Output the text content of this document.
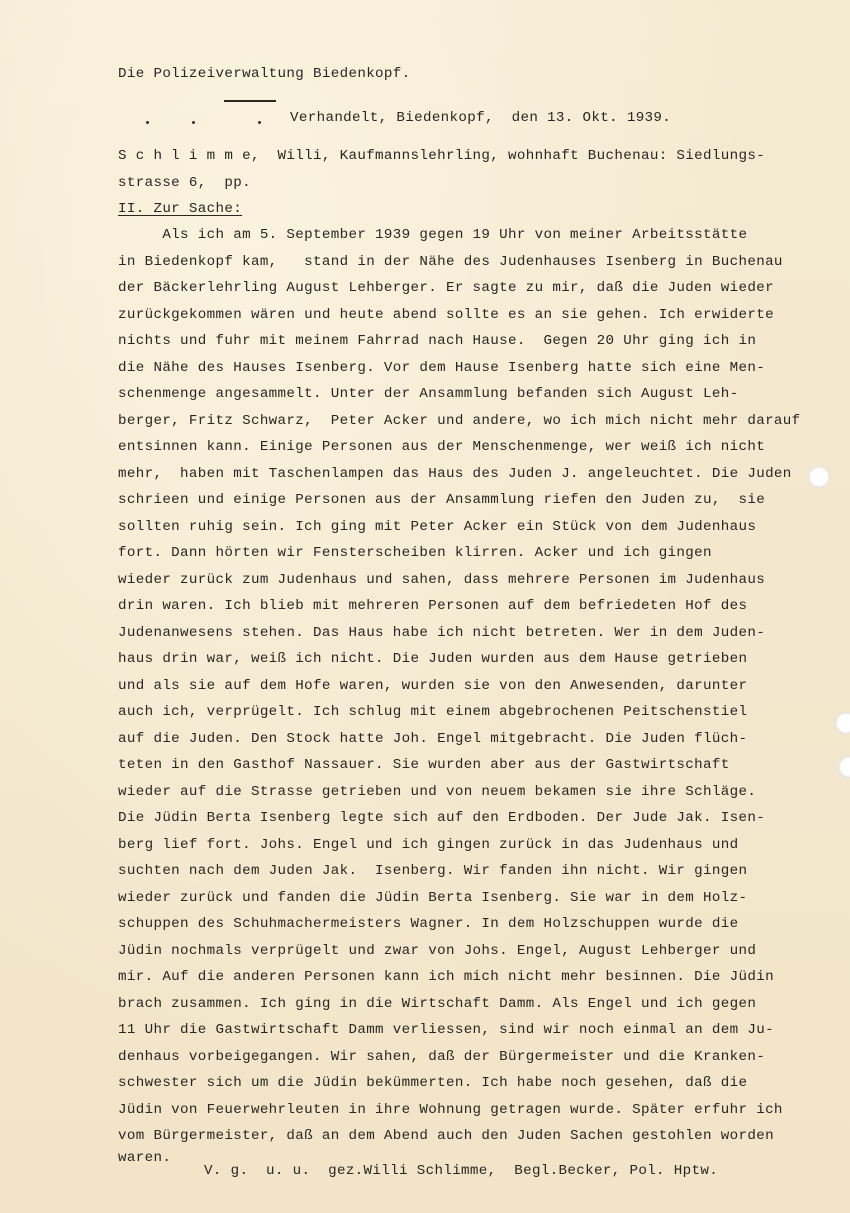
Die Polizeiverwaltung Biedenkopf.
Verhandelt, Biedenkopf,  den 13. Okt. 1939.
S c h l i m m e,  Willi, Kaufmannslehrling, wohnhaft Buchenau: Siedlungs-
strasse 6,  pp.
II. Zur Sache:
Als ich am 5. September 1939 gegen 19 Uhr von meiner Arbeitsstätte
in Biedenkopf kam,   stand in der Nähe des Judenhauses Isenberg in Buchenau
der Bäckerlehrling August Lehberger. Er sagte zu mir, daß die Juden wieder
zurückgekommen wären und heute abend sollte es an sie gehen. Ich erwiderte
nichts und fuhr mit meinem Fahrrad nach Hause.  Gegen 20 Uhr ging ich in
die Nähe des Hauses Isenberg. Vor dem Hause Isenberg hatte sich eine Men-
schenmenge angesammelt. Unter der Ansammlung befanden sich August Leh-
berger, Fritz Schwarz,  Peter Acker und andere, wo ich mich nicht mehr darauf
entsinnen kann. Einige Personen aus der Menschenmenge, wer weiß ich nicht
mehr,  haben mit Taschenlampen das Haus des Juden J. angeleuchtet. Die Juden
schrieen und einige Personen aus der Ansammlung riefen den Juden zu,  sie
sollten ruhig sein. Ich ging mit Peter Acker ein Stück von dem Judenhaus
fort. Dann hörten wir Fensterscheiben klirren. Acker und ich gingen
wieder zurück zum Judenhaus und sahen, dass mehrere Personen im Judenhaus
drin waren. Ich blieb mit mehreren Personen auf dem befriedeten Hof des
Judenanwesens stehen. Das Haus habe ich nicht betreten. Wer in dem Juden-
haus drin war, weiß ich nicht. Die Juden wurden aus dem Hause getrieben
und als sie auf dem Hofe waren, wurden sie von den Anwesenden, darunter
auch ich, verprügelt. Ich schlug mit einem abgebrochenen Peitschenstiel
auf die Juden. Den Stock hatte Joh. Engel mitgebracht. Die Juden flüch-
teten in den Gasthof Nassauer. Sie wurden aber aus der Gastwirtschaft
wieder auf die Strasse getrieben und von neuem bekamen sie ihre Schläge.
Die Jüdin Berta Isenberg legte sich auf den Erdboden. Der Jude Jak. Isen-
berg lief fort. Johs. Engel und ich gingen zurück in das Judenhaus und
suchten nach dem Juden Jak.  Isenberg. Wir fanden ihn nicht. Wir gingen
wieder zurück und fanden die Jüdin Berta Isenberg. Sie war in dem Holz-
schuppen des Schuhmachermeisters Wagner. In dem Holzschuppen wurde die
Jüdin nochmals verprügelt und zwar von Johs. Engel, August Lehberger und
mir. Auf die anderen Personen kann ich mich nicht mehr besinnen. Die Jüdin
brach zusammen. Ich ging in die Wirtschaft Damm. Als Engel und ich gegen
11 Uhr die Gastwirtschaft Damm verliessen, sind wir noch einmal an dem Ju-
denhaus vorbeigegangen. Wir sahen, daß der Bürgermeister und die Kranken-
schwester sich um die Jüdin bekümmerten. Ich habe noch gesehen, daß die
Jüdin von Feuerwehrleuten in ihre Wohnung getragen wurde. Später erfuhr ich
vom Bürgermeister, daß an dem Abend auch den Juden Sachen gestohlen worden
waren.
V. g.  u. u.  gez.Willi Schlimme,  Begl.Becker, Pol. Hptw.
